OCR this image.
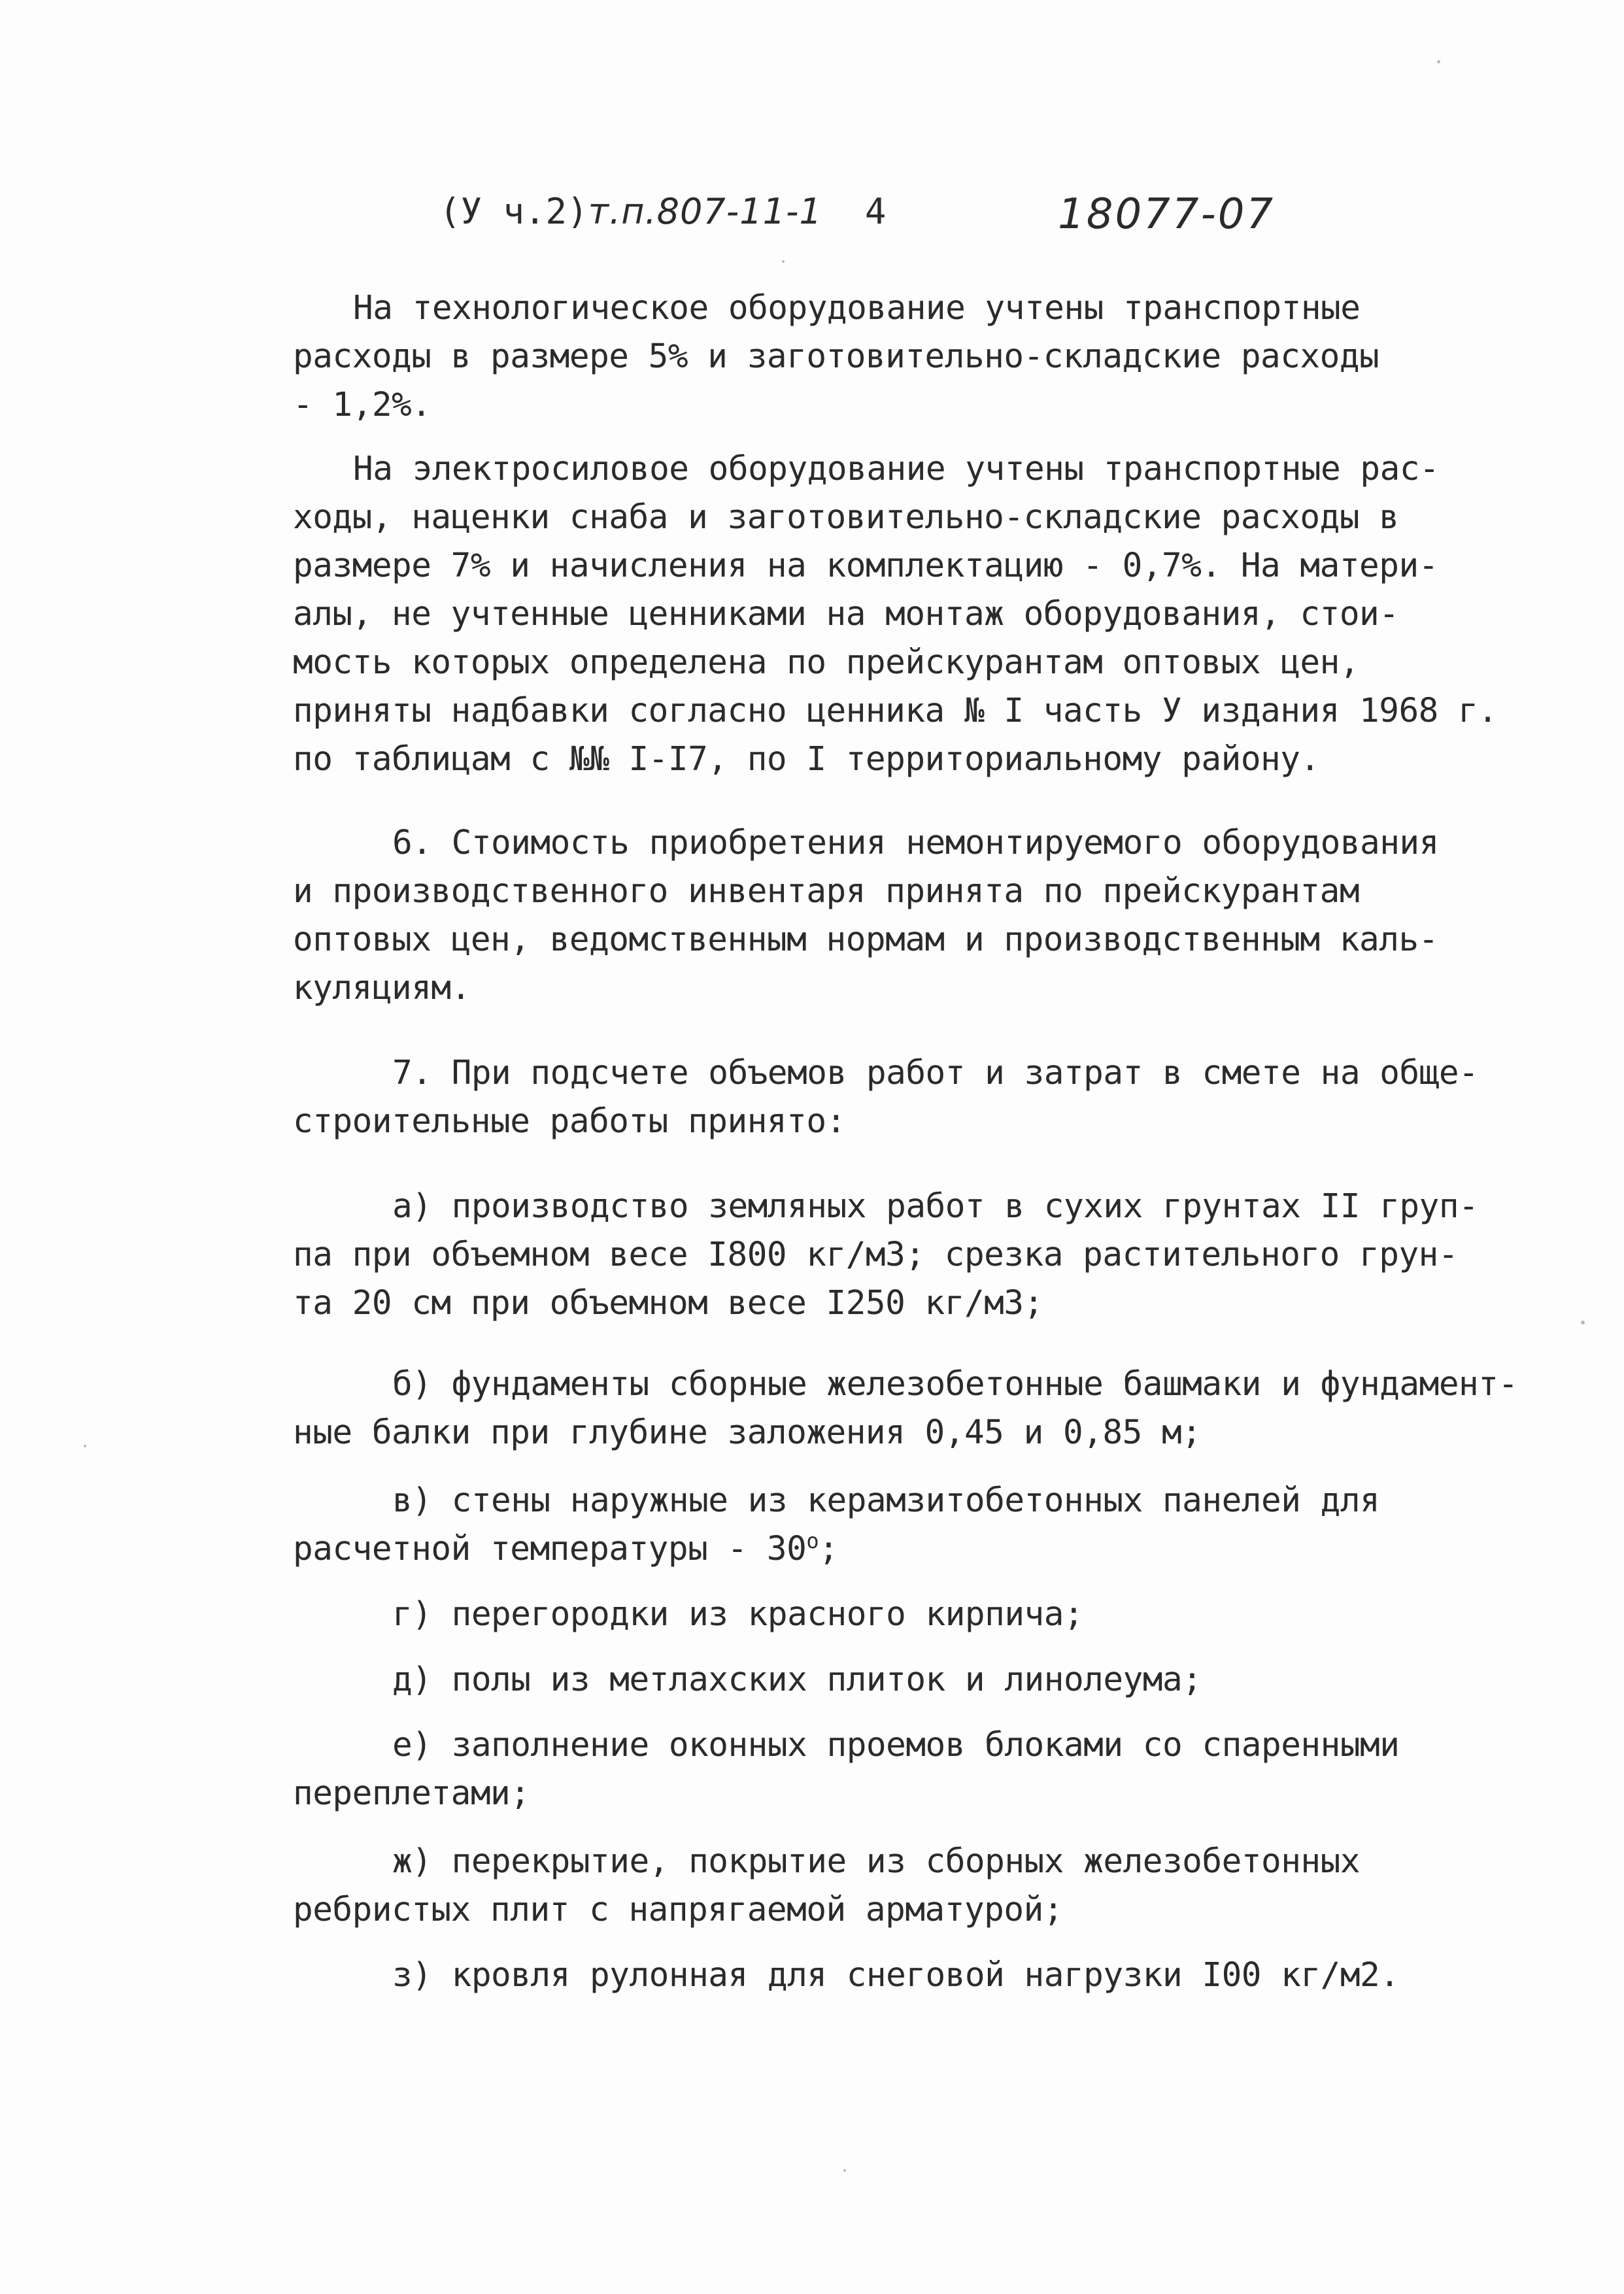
(У ч.2)т.п.807-11-1 4	18077-07
На технологическое оборудование учтены транспортные
расходы в размере 5% и заготовительно-складские расходы
- 1,2%.
На электросиловое оборудование учтены транспортные рас-
ходы, наценки снаба и заготовительно-складские расходы в
размере 7% и начисления на комплектацию - 0,7%. На матери-
алы, не учтенные ценниками на монтаж оборудования, стои-
мость которых определена по прейскурантам оптовых цен,
приняты надбавки согласно ценника № I часть У издания 1968 г.
по таблицам с №№ I-I7, по I территориальному району.
6. Стоимость приобретения немонтируемого оборудования
и производственного инвентаря принята по прейскурантам
оптовых цен, ведомственным нормам и производственным каль-
куляциям.
7. При подсчете объемов работ и затрат в смете на обще-
строительные работы принято:
а) производство земляных работ в сухих грунтах II груп-
па при объемном весе I800 кг/м3; срезка растительного грун-
та 20 см при объемном весе I250 кг/м3;
б) фундаменты сборные железобетонные башмаки и фундамент-
ные балки при глубине заложения 0,45 и 0,85 м;
в) стены наружные из керамзитобетонных панелей для
расчетной температуры - $30^о$;
г) перегородки из красного кирпича;
д) полы из метлахских плиток и линолеума;
е) заполнение оконных проемов блоками со спаренными
переплетами;
ж) перекрытие, покрытие из сборных железобетонных
ребристых плит с напрягаемой арматурой;
з) кровля рулонная для снеговой нагрузки I00 кг/м2.
